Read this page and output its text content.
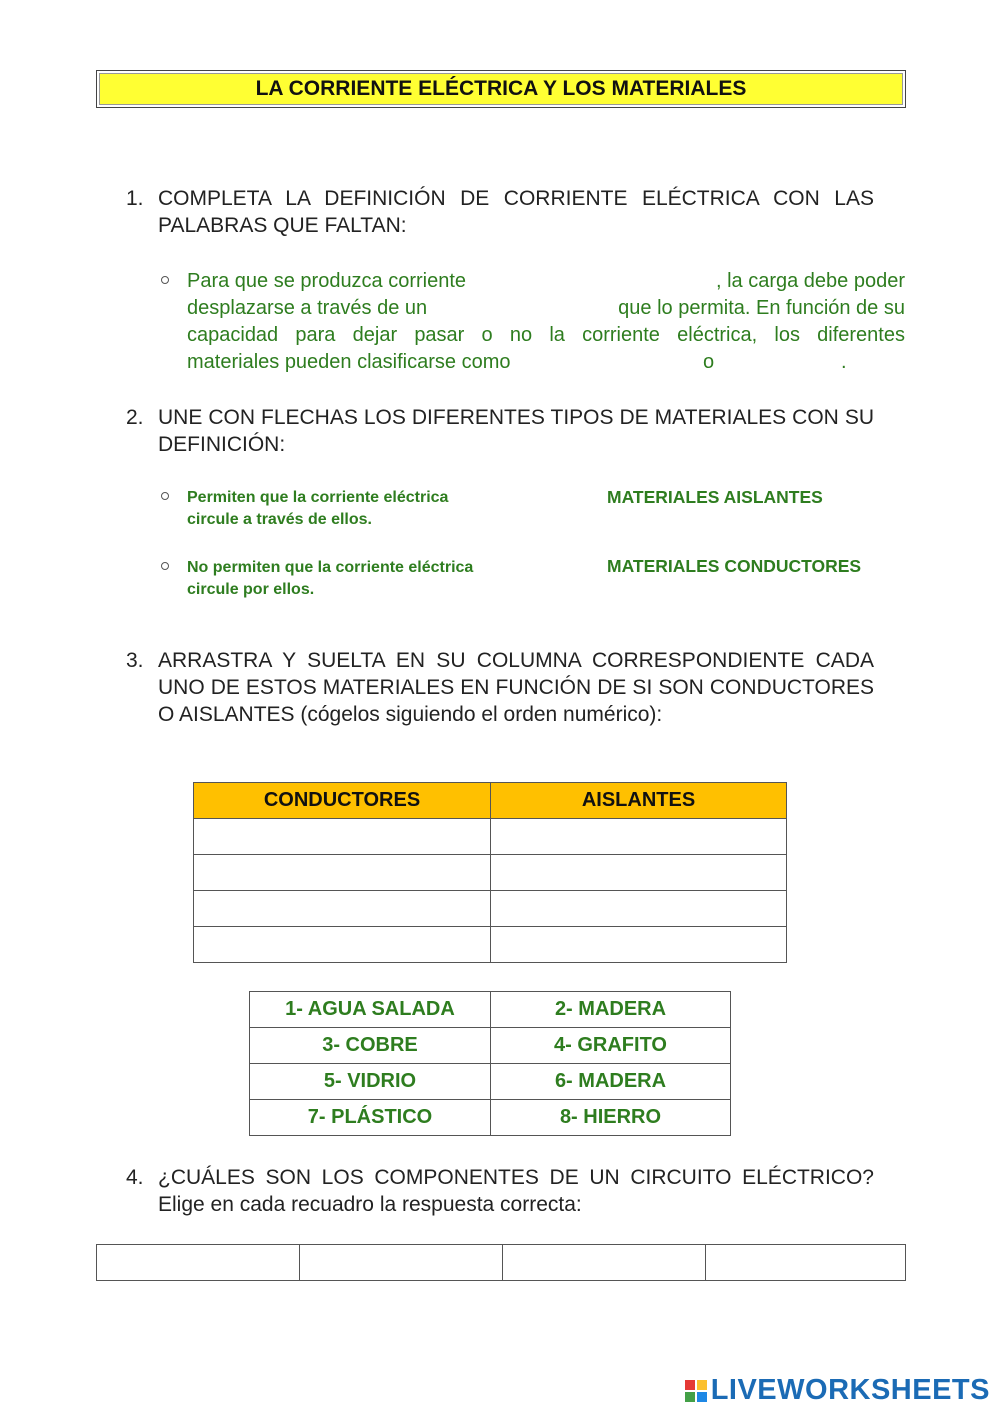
LA CORRIENTE ELÉCTRICA Y LOS MATERIALES
1. COMPLETA LA DEFINICIÓN DE CORRIENTE ELÉCTRICA CON LAS PALABRAS QUE FALTAN:
Para que se produzca corriente	, la carga debe poder
desplazarse a través de un	que lo permita. En función de su
capacidad para dejar pasar o no la corriente eléctrica, los diferentes
materiales pueden clasificarse como	o	.
2. UNE CON FLECHAS LOS DIFERENTES TIPOS DE MATERIALES CON SU DEFINICIÓN:
Permiten que la corriente eléctrica
circule a través de ellos.
MATERIALES AISLANTES
No permiten que la corriente eléctrica
circule por ellos.
MATERIALES CONDUCTORES
3. ARRASTRA Y SUELTA EN SU COLUMNA CORRESPONDIENTE CADA UNO DE ESTOS MATERIALES EN FUNCIÓN DE SI SON CONDUCTORES O AISLANTES (cógelos siguiendo el orden numérico):
CONDUCTORES	AISLANTES

1- AGUA SALADA	2- MADERA
3- COBRE	4- GRAFITO
5- VIDRIO	6- MADERA
7- PLÁSTICO	8- HIERRO
4. ¿CUÁLES SON LOS COMPONENTES DE UN CIRCUITO ELÉCTRICO? Elige en cada recuadro la respuesta correcta:

LIVEWORKSHEETS
